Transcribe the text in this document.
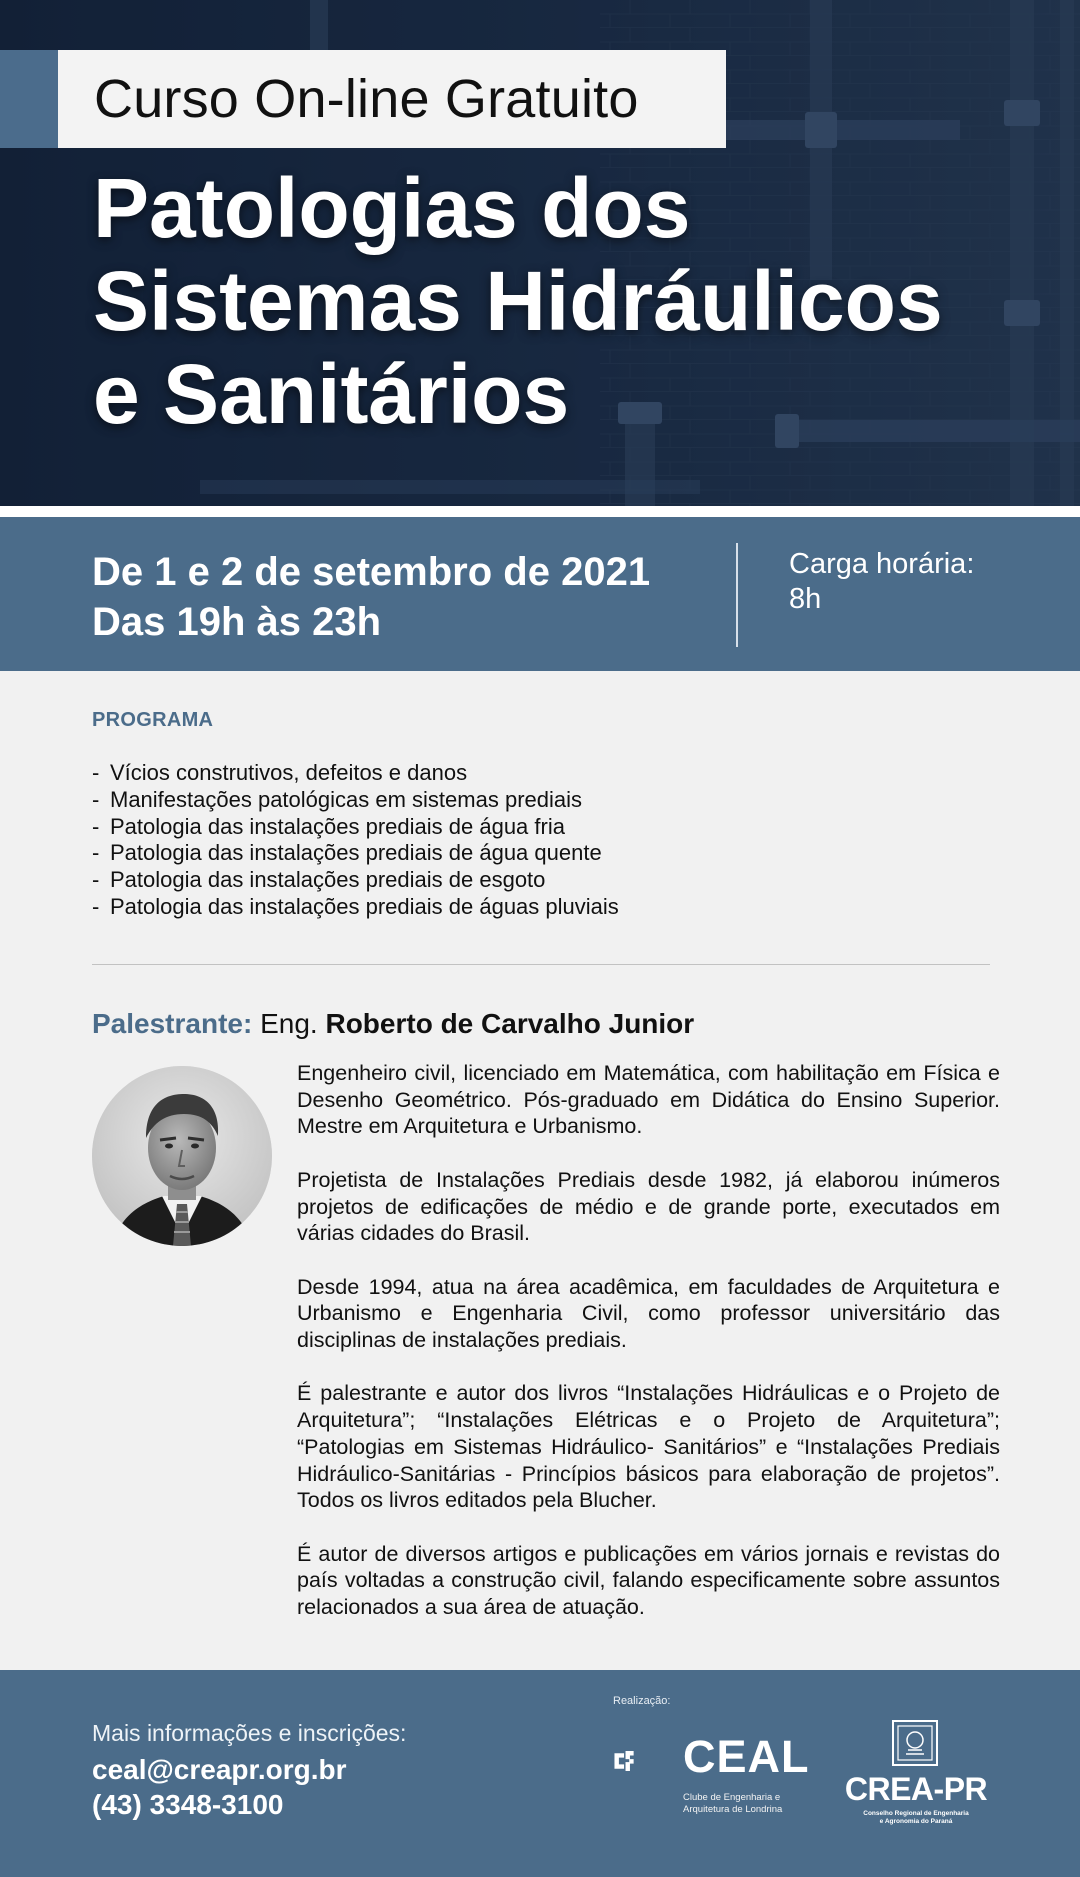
Curso On-line Gratuito
Patologias dos
Sistemas Hidráulicos
e Sanitários
De 1 e 2 de setembro de 2021
Das 19h às 23h
Carga horária:
8h
PROGRAMA
- Vícios construtivos, defeitos e danos
- Manifestações patológicas em sistemas prediais
- Patologia das instalações prediais de água fria
- Patologia das instalações prediais de água quente
- Patologia das instalações prediais de esgoto
- Patologia das instalações prediais de águas pluviais
Palestrante: Eng. Roberto de Carvalho Junior

Engenheiro civil, licenciado em Matemática, com habilitação em Física e Desenho Geométrico. Pós-graduado em Didática do Ensino Superior. Mestre em Arquitetura e Urbanismo.

Projetista de Instalações Prediais desde 1982, já elaborou inúmeros projetos de edificações de médio e de grande porte, executados em várias cidades do Brasil.

Desde 1994, atua na área acadêmica, em faculdades de Arquitetura e Urbanismo e Engenharia Civil, como professor universitário das disciplinas de instalações prediais.

É palestrante e autor dos livros “Instalações Hidráulicas e o Projeto de Arquitetura”; “Instalações Elétricas e o Projeto de Arquitetura”; “Patologias em Sistemas Hidráulico- Sanitários” e “Instalações Prediais Hidráulico-Sanitárias - Princípios básicos para elaboração de projetos”. Todos os livros editados pela Blucher.

É autor de diversos artigos e publicações em vários jornais e revistas do país voltadas a construção civil, falando especificamente sobre assuntos relacionados a sua área de atuação.

Mais informações e inscrições:
ceal@creapr.org.br
(43) 3348-3100
Realização:
CEAL
Clube de Engenharia e
Arquitetura de Londrina
CREA-PR
Conselho Regional de Engenharia
e Agronomia do Paraná
